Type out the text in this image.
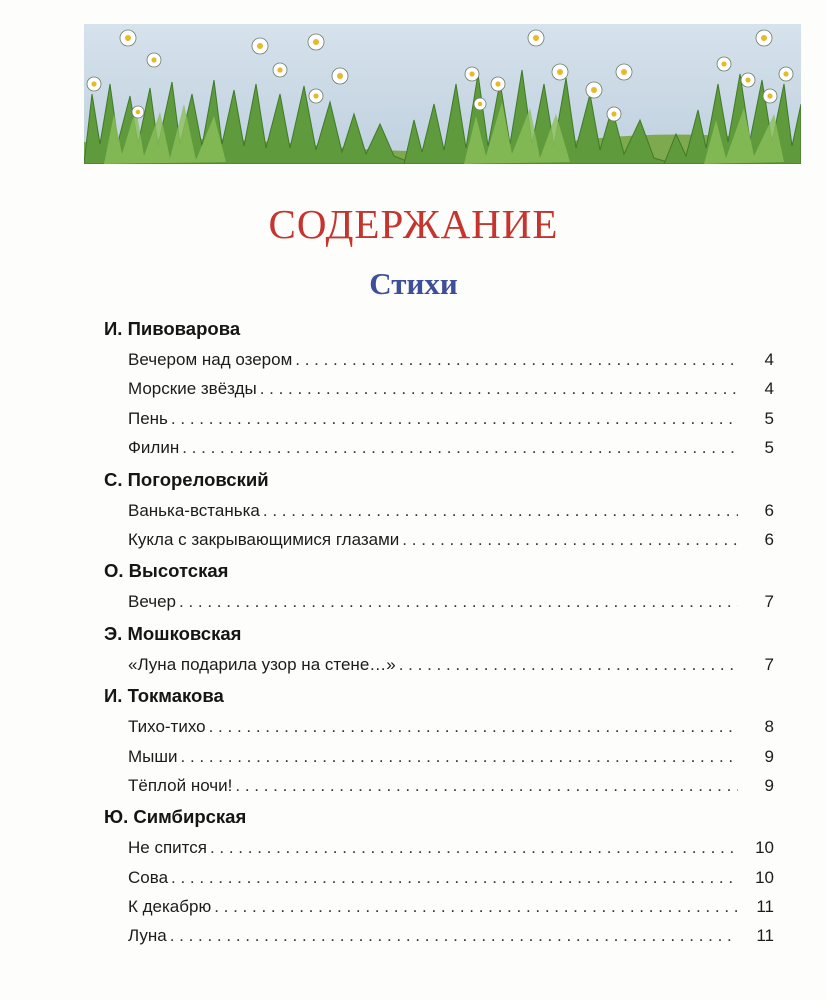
СОДЕРЖАНИЕ
Стихи
И. Пивоварова
Вечером над озером . . .	4
Морские звёзды . . .	4
Пень . . .	5
Филин . . .	5
С. Погореловский
Ванька-встанька . . .	6
Кукла с закрывающимися глазами . . .	6
О. Высотская
Вечер . . .	7
Э. Мошковская
«Луна подарила узор на стене…» . . .	7
И. Токмакова
Тихо-тихо . . .	8
Мыши . . .	9
Тёплой ночи! . . .	9
Ю. Симбирская
Не спится . . .	10
Сова . . .	10
К декабрю . . .	11
Луна . . .	11
